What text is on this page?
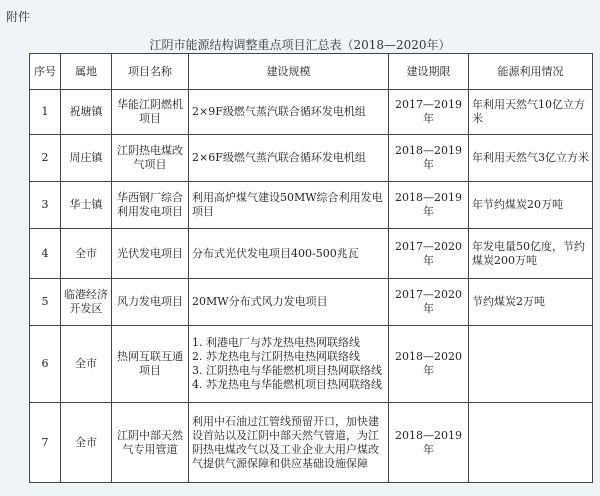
附件
江阴市能源结构调整重点项目汇总表（2018—2020年）
序号	属地	项目名称	建设规模	建设期限	能源利用情况
1	祝塘镇	华能江阴燃机项目	2×9F级燃气蒸汽联合循环发电机组	2017—2019年	年利用天然气10亿立方米
2	周庄镇	江阴热电煤改气项目	2×6F级燃气蒸汽联合循环发电机组	2018—2019年	年利用天然气3亿立方米
3	华士镇	华西钢厂综合利用发电项目	利用高炉煤气建设50MW综合利用发电项目	2018—2019年	年节约煤炭20万吨
4	全市	光伏发电项目	分布式光伏发电项目400-500兆瓦	2017—2020年	年发电量50亿度，节约煤炭200万吨
5	临港经济开发区	风力发电项目	20MW分布式风力发电项目	2017—2020年	节约煤炭2万吨
6	全市	热网互联互通项目	1. 利港电厂与苏龙热电热网联络线
2. 苏龙热电与江阴热电热网联络线
3. 江阴热电与华能燃机项目热网联络线
4. 苏龙热电与华能燃机项目热网联络线	2018—2020年	
7	全市	江阴中部天然气专用管道	利用中石油过江管线预留开口，加快建设首站以及江阴中部天然气管道，为江阴热电煤改气以及工业企业大用户煤改气提供气源保障和供应基础设施保障	2018—2019年	
